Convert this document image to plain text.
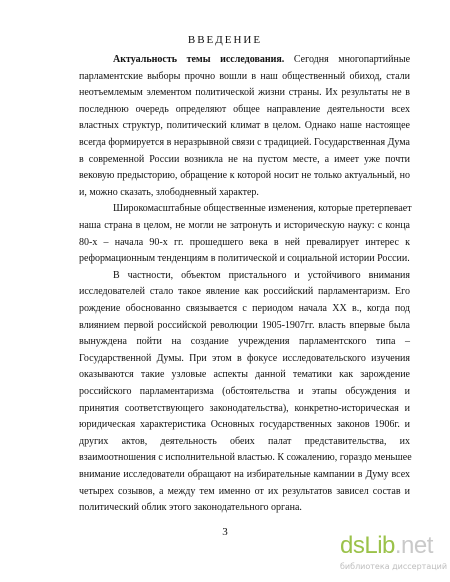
ВВЕДЕНИЕ
Актуальность темы исследования. Сегодня многопартийные
парламентские выборы прочно вошли в наш общественный обиход, стали
неотъемлемым элементом политической жизни страны. Их результаты не в
последнюю очередь определяют общее направление деятельности всех
властных структур, политический климат в целом. Однако наше настоящее
всегда формируется в неразрывной связи с традицией. Государственная Дума
в современной России возникла не на пустом месте, а имеет уже почти
вековую предысторию, обращение к которой носит не только актуальный, но
и, можно сказать, злободневный характер.
Широкомасштабные общественные изменения, которые претерпевает
наша страна в целом, не могли не затронуть и историческую науку: с конца
80-х – начала 90-х гг. прошедшего века в ней превалирует интерес к
реформационным тенденциям в политической и социальной истории России.
В частности, объектом пристального и устойчивого внимания
исследователей стало такое явление как российский парламентаризм. Его
рождение обоснованно связывается с периодом начала XX в., когда под
влиянием первой российской революции 1905-1907гг. власть впервые была
вынуждена пойти на создание учреждения парламентского типа –
Государственной Думы. При этом в фокусе исследовательского изучения
оказываются такие узловые аспекты данной тематики как зарождение
российского парламентаризма (обстоятельства и этапы обсуждения и
принятия соответствующего законодательства), конкретно-историческая и
юридическая характеристика Основных государственных законов 1906г. и
других актов, деятельность обеих палат представительства, их
3	dsLib.net
библиотека диссертаций
взаимоотношения с исполнительной властью. К сожалению, гораздо меньшее
внимание исследователи обращают на избирательные кампании в Думу всех
четырех созывов, а между тем именно от их результатов зависел состав и
политический облик этого законодательного органа.
